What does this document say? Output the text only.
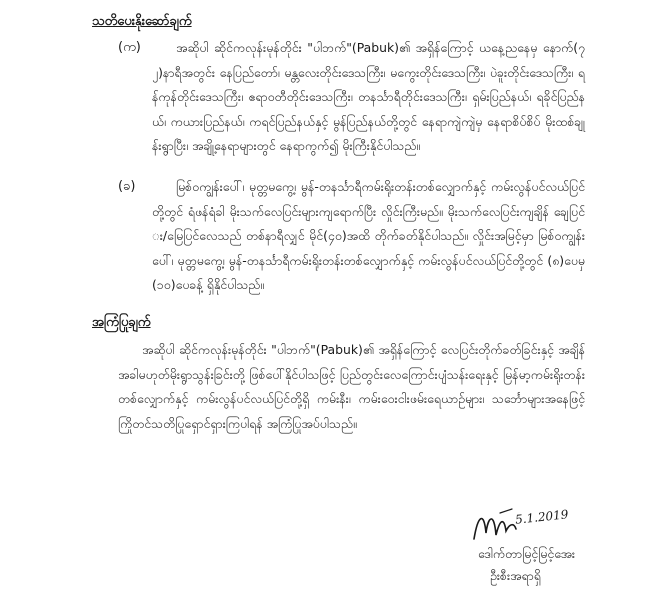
သတိပေးနိုးဆော်ချက်
(က)	အဆိုပါ ဆိုင်ကလုန်းမုန်တိုင်း "ပါဘက်"(Pabuk)၏ အရှိန်ကြောင့် ယနေ့ညနေမှ နောက်(၇၂)နာရီအတွင်း နေပြည်တော်၊ မန္တလေးတိုင်းဒေသကြီး၊ မကွေးတိုင်းဒေသကြီး၊ ပဲခူးတိုင်းဒေသကြီး၊ ရန်ကုန်တိုင်းဒေသကြီး၊ ဧရာဝတီတိုင်းဒေသကြီး၊ တနင်္သာရီတိုင်းဒေသကြီး၊ ရှမ်းပြည်နယ်၊ ရခိုင်ပြည်နယ်၊ ကယားပြည်နယ်၊ ကရင်ပြည်နယ်နှင့် မွန်ပြည်နယ်တို့တွင် နေရာကျဲကျဲမှ နေရာစိပ်စိပ် မိုးထစ်ချုန်းရွာပြီး၊ အချို့နေရာများတွင် နေရာကွက်၍ မိုးကြီးနိုင်ပါသည်။

(ခ)	မြစ်ဝကျွန်းပေါ်၊ မုတ္တမကွေ့၊ မွန်-တနင်္သာရီကမ်းရိုးတန်းတစ်လျှောက်နှင့် ကမ်းလွန်ပင်လယ်ပြင်တို့တွင် ရံဖန်ရံခါ မိုးသက်လေပြင်းများကျရောက်ပြီး လှိုင်းကြီးမည်။ မိုးသက်လေပြင်းကျချိန် ချေပြင်း/မြေပြင်လေသည် တစ်နာရီလျှင် မိုင်(၄၀)အထိ တိုက်ခတ်နိုင်ပါသည်။ လှိုင်းအမြင့်မှာ မြစ်ဝကျွန်းပေါ်၊ မုတ္တမကွေ့၊ မွန်-တနင်္သာရီကမ်းရိုးတန်းတစ်လျှောက်နှင့် ကမ်းလွန်ပင်လယ်ပြင်တို့တွင် (၈)ပေမှ (၁၀)ပေခန့် ရှိနိုင်ပါသည်။

အကြံပြုချက်

အဆိုပါ ဆိုင်ကလုန်းမုန်တိုင်း "ပါဘက်"(Pabuk)၏ အရှိန်ကြောင့် လေပြင်းတိုက်ခတ်ခြင်းနှင့် အချိန်အခါမဟုတ်မိုးရွာသွန်းခြင်းတို့ ဖြစ်ပေါ်နိုင်ပါသဖြင့် ပြည်တွင်းလေကြောင်းပျံသန်းရေးနှင့် မြန်မာ့ကမ်းရိုးတန်းတစ်လျှောက်နှင့် ကမ်းလွန်ပင်လယ်ပြင်တို့ရှိ ကမ်းနီး၊ ကမ်းဝေးငါးဖမ်းရေယာဉ်များ၊ သင်္ဘောများအနေဖြင့် ကြိုတင်သတိပြုရှောင်ရှားကြပါရန် အကြံပြုအပ်ပါသည်။

5.1.2019
ဒေါက်တာမြင့်မြင့်အေး
ဦးစီးအရာရှိ
